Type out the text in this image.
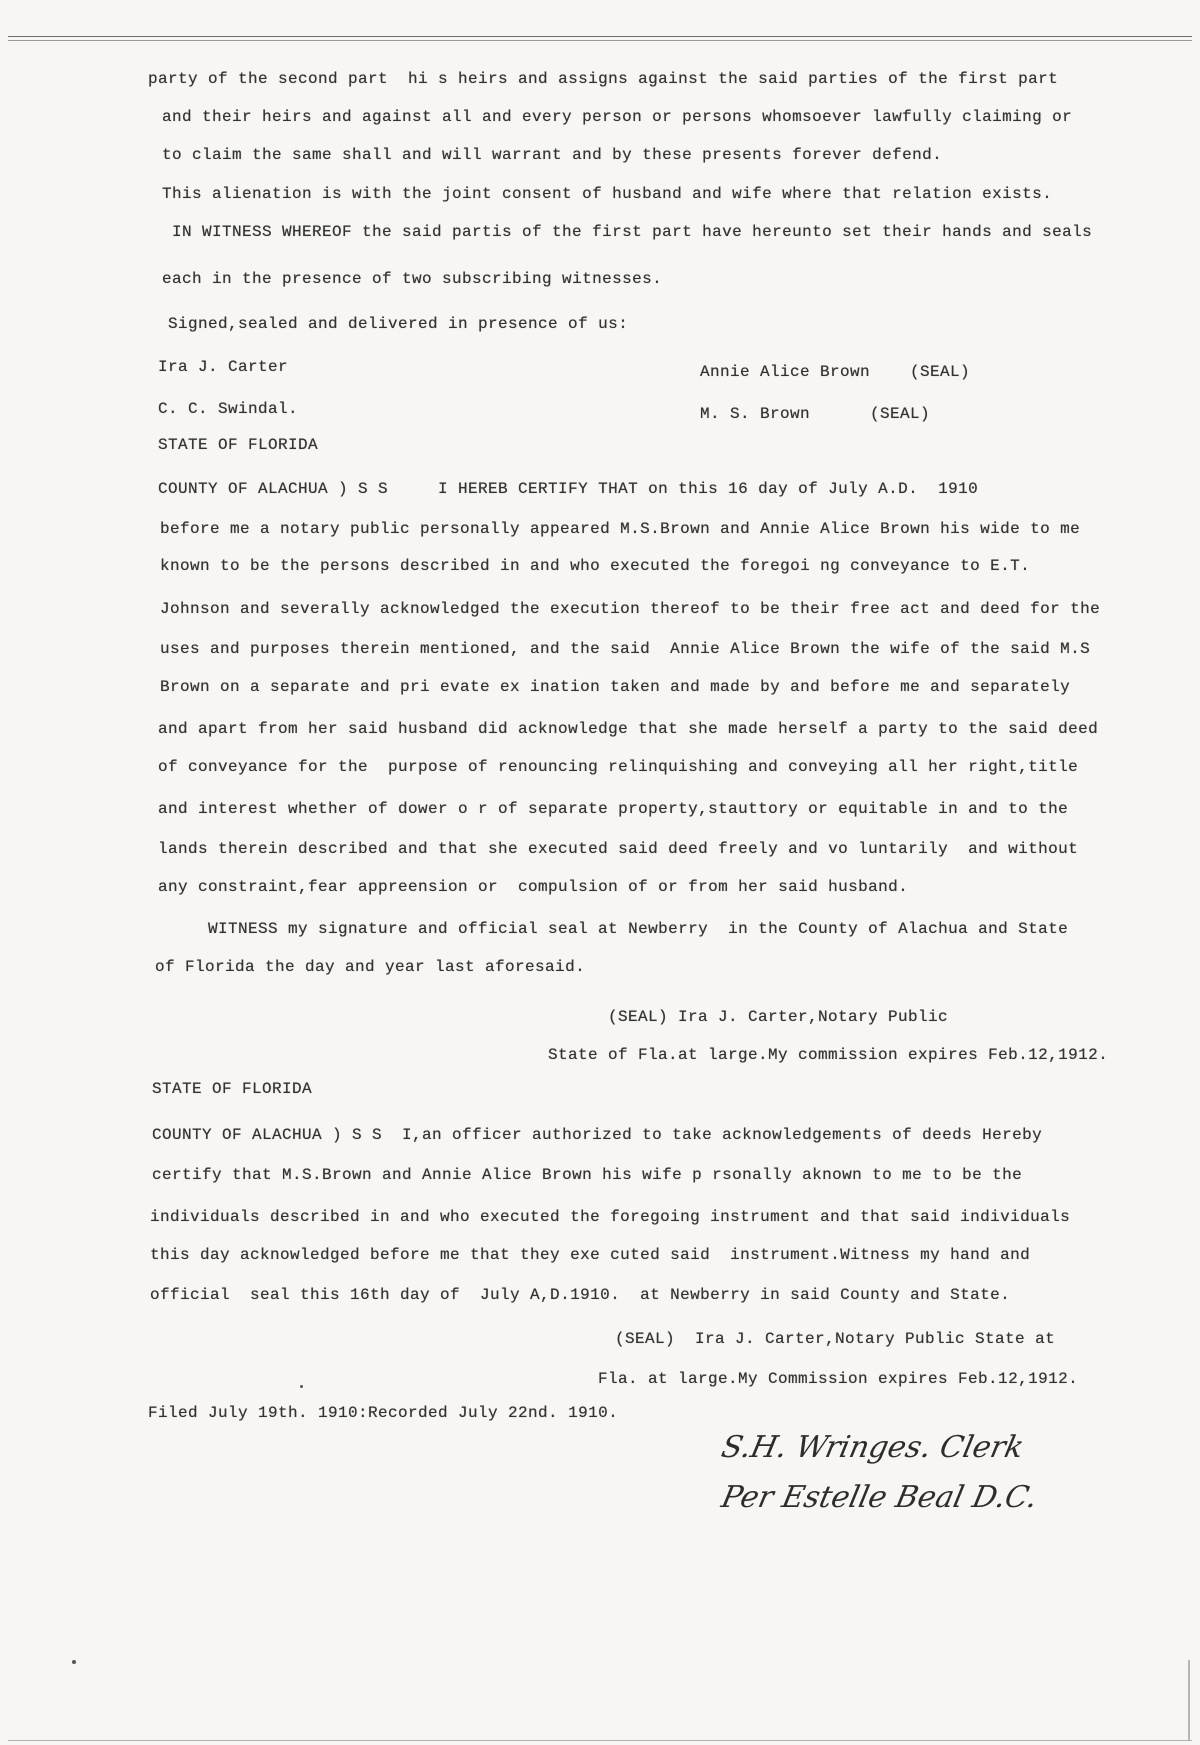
party of the second part  hi s heirs and assigns against the said parties of the first part
and their heirs and against all and every person or persons whomsoever lawfully claiming or
to claim the same shall and will warrant and by these presents forever defend.
This alienation is with the joint consent of husband and wife where that relation exists.
IN WITNESS WHEREOF the said partis of the first part have hereunto set their hands and seals
each in the presence of two subscribing witnesses.
Signed,sealed and delivered in presence of us:
Ira J. Carter	Annie Alice Brown    (SEAL)
C. C. Swindal.	M. S. Brown      (SEAL)
STATE OF FLORIDA
COUNTY OF ALACHUA ) S S     I HEREB CERTIFY THAT on this 16 day of July A.D.  1910
before me a notary public personally appeared M.S.Brown and Annie Alice Brown his wide to me
known to be the persons described in and who executed the foregoi ng conveyance to E.T.
Johnson and severally acknowledged the execution thereof to be their free act and deed for the
uses and purposes therein mentioned, and the said  Annie Alice Brown the wife of the said M.S
Brown on a separate and pri evate ex ination taken and made by and before me and separately
and apart from her said husband did acknowledge that she made herself a party to the said deed
of conveyance for the  purpose of renouncing relinquishing and conveying all her right,title
and interest whether of dower o r of separate property,stauttory or equitable in and to the
lands therein described and that she executed said deed freely and vo luntarily  and without
any constraint,fear appreension or  compulsion of or from her said husband.
WITNESS my signature and official seal at Newberry  in the County of Alachua and State
of Florida the day and year last aforesaid.
(SEAL) Ira J. Carter,Notary Public
State of Fla.at large.My commission expires Feb.12,1912.
STATE OF FLORIDA
COUNTY OF ALACHUA ) S S  I,an officer authorized to take acknowledgements of deeds Hereby
certify that M.S.Brown and Annie Alice Brown his wife p rsonally aknown to me to be the
individuals described in and who executed the foregoing instrument and that said individuals
this day acknowledged before me that they exe cuted said  instrument.Witness my hand and
official  seal this 16th day of  July A,D.1910.  at Newberry in said County and State.
(SEAL)  Ira J. Carter,Notary Public State at
Fla. at large.My Commission expires Feb.12,1912.
Filed July 19th. 1910:Recorded July 22nd. 1910.
S.H. Wringes. Clerk
Per Estelle Beal D.C.
